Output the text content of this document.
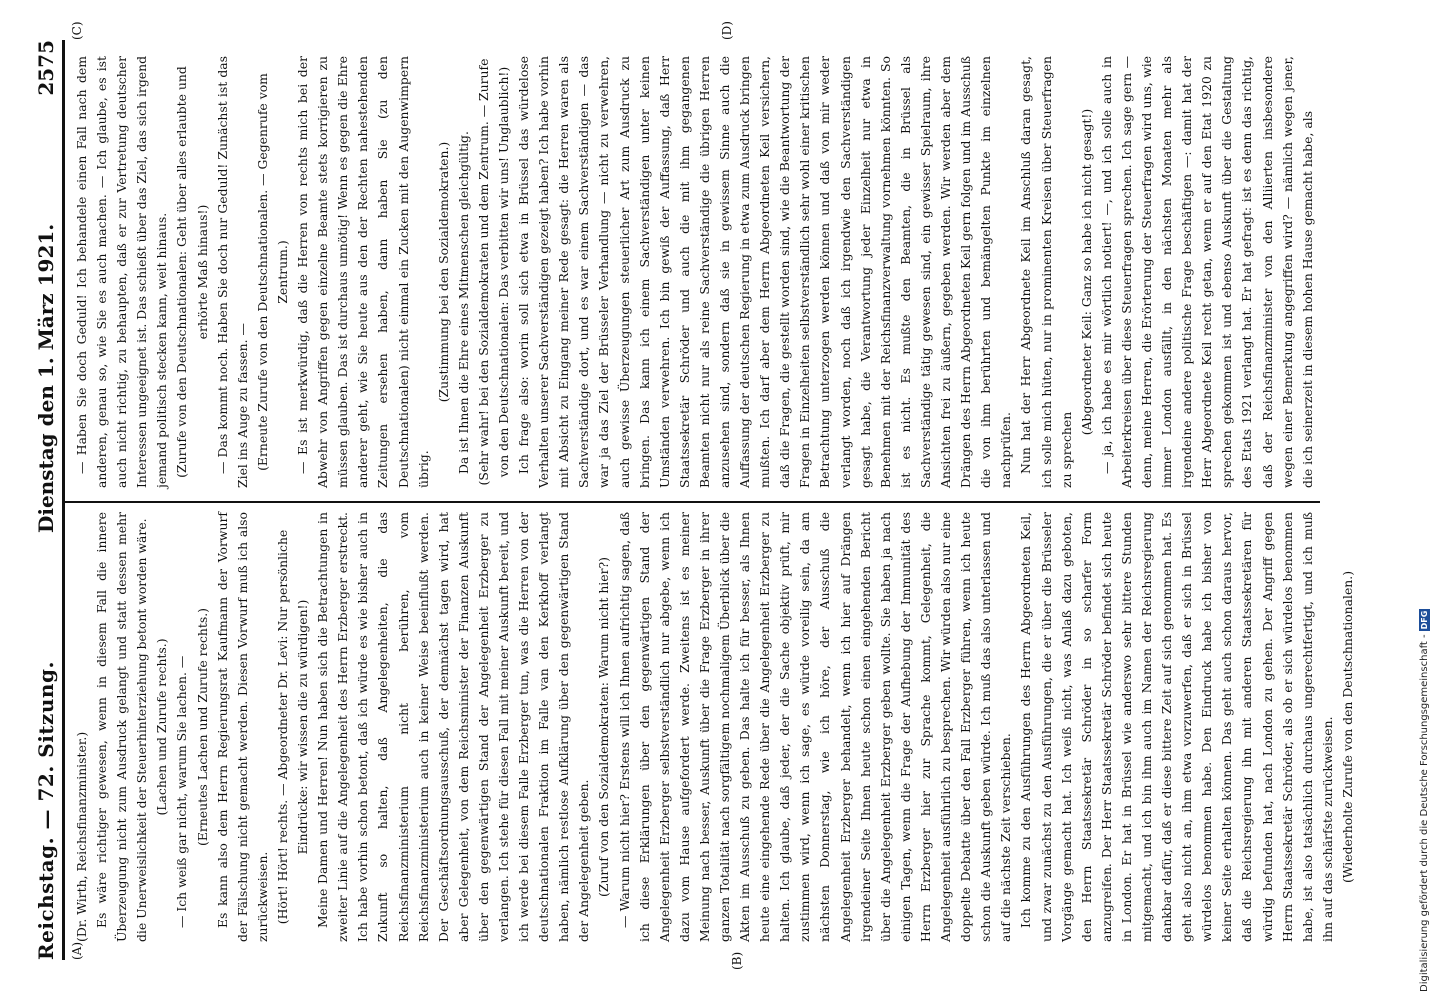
Reichstag. — 72. Sitzung.
Dienstag den 1. März 1921.
2575
(A)
(B)
(C)	(D)

(Dr. Wirth, Reichsfinanzminister.) Es wäre richtiger gewesen, wenn in diesem Fall die innere Überzeugung nicht zum Ausdruck gelangt und statt dessen mehr die Unerweislichkeit der Steuerhinterziehung betont worden wäre. (Lachen und Zurufe rechts.) — Ich weiß gar nicht, warum Sie lachen. — (Erneutes Lachen und Zurufe rechts.) Es kann also dem Herrn Regierungsrat Kaufmann der Vorwurf der Fälschung nicht gemacht werden. Diesen Vorwurf muß ich also zurückweisen. (Hört! Hört! rechts. — Abgeordneter Dr. Levi: Nur persönliche Eindrücke: wir wissen die zu würdigen!) Meine Damen und Herren! Nun haben sich die Betrachtungen in zweiter Linie auf die Angelegenheit des Herrn Erzberger erstreckt. Ich habe vorhin schon betont, daß ich würde es wie bisher auch in Zukunft so halten, daß Angelegenheiten, die das Reichsfinanzministerium nicht berühren, vom Reichsfinanzministerium auch in keiner Weise beeinflußt werden. Der Geschäftsordnungsausschuß, der demnächst tagen wird, hat aber Gelegenheit, von dem Reichsminister der Finanzen Auskunft über den gegenwärtigen Stand der Angelegenheit Erzberger zu verlangen. Ich stehe für diesen Fall mit meiner Auskunft bereit, und ich werde bei diesem Falle Erzberger tun, was die Herren von der deutschnationalen Fraktion im Falle van den Kerkhoff verlangt haben, nämlich restlose Aufklärung über den gegenwärtigen Stand der Angelegenheit geben. (Zuruf von den Sozialdemokraten: Warum nicht hier?) — Warum nicht hier? Erstens will ich Ihnen aufrichtig sagen, daß ich diese Erklärungen über den gegenwärtigen Stand der Angelegenheit Erzberger selbstverständlich nur abgebe, wenn ich dazu vom Hause aufgefordert werde. Zweitens ist es meiner Meinung nach besser, Auskunft über die Frage Erzberger in ihrer ganzen Totalität nach sorgfältigem nochmaligem Überblick über die Akten im Ausschuß zu geben. Das halte ich für besser, als Ihnen heute eine eingehende Rede über die Angelegenheit Erzberger zu halten. Ich glaube, daß jeder, der die Sache objektiv prüft, mir zustimmen wird, wenn ich sage, es würde voreilig sein, da am nächsten Donnerstag, wie ich höre, der Ausschuß die Angelegenheit Erzberger behandelt, wenn ich hier auf Drängen irgendeiner Seite Ihnen heute schon einen eingehenden Bericht über die Angelegenheit Erzberger geben wollte. Sie haben ja nach einigen Tagen, wenn die Frage der Aufhebung der Immunität des Herrn Erzberger hier zur Sprache kommt, Gelegenheit, die Angelegenheit ausführlich zu besprechen. Wir würden also nur eine doppelte Debatte über den Fall Erzberger führen, wenn ich heute schon die Auskunft geben würde. Ich muß das also unterlassen und auf die nächste Zeit verschieben. Ich komme zu den Ausführungen des Herrn Abgeordneten Keil, und zwar zunächst zu den Ausführungen, die er über die Brüsseler Vorgänge gemacht hat. Ich weiß nicht, was Anlaß dazu geboten, den Herrn Staatssekretär Schröder in so scharfer Form anzugreifen. Der Herr Staatssekretär Schröder befindet sich heute in London. Er hat in Brüssel wie anderswo sehr bittere Stunden mitgemacht, und ich bin ihm auch im Namen der Reichsregierung dankbar dafür, daß er diese bittere Zeit auf sich genommen hat. Es geht also nicht an, ihm etwa vorzuwerfen, daß er sich in Brüssel würdelos benommen habe. Den Eindruck habe ich bisher von keiner Seite erhalten können. Das geht auch schon daraus hervor, daß die Reichsregierung ihn mit anderen Staatssekretären für würdig befunden hat, nach London zu gehen. Der Angriff gegen Herrn Staatssekretär Schröder, als ob er sich würdelos benommen habe, ist also tatsächlich durchaus ungerechtfertigt, und ich muß ihn auf das schärfste zurückweisen. (Wiederholte Zurufe von den Deutschnationalen.)

— Haben Sie doch Geduld! Ich behandele einen Fall nach dem anderen, genau so, wie Sie es auch machen. — Ich glaube, es ist auch nicht richtig, zu behaupten, daß er zur Vertretung deutscher Interessen ungeeignet ist. Das schießt über das Ziel, das sich irgend jemand politisch stecken kann, weit hinaus. (Zurufe von den Deutschnationalen: Geht über alles erlaubte und erhörte Maß hinaus!) — Das kommt noch. Haben Sie doch nur Geduld! Zunächst ist das Ziel ins Auge zu fassen. — (Erneute Zurufe von den Deutschnationalen. — Gegenrufe vom Zentrum.) — Es ist merkwürdig, daß die Herren von rechts mich bei der Abwehr von Angriffen gegen einzelne Beamte stets korrigieren zu müssen glauben. Das ist durchaus unnötig! Wenn es gegen die Ehre anderer geht, wie Sie heute aus den der Rechten nahestehenden Zeitungen ersehen haben, dann haben Sie (zu den Deutschnationalen) nicht einmal ein Zucken mit den Augenwimpern übrig.

(Zustimmung bei den Sozialdemokraten.) Da ist Ihnen die Ehre eines Mitmenschen gleichgültig. (Sehr wahr! bei den Sozialdemokraten und dem Zentrum. — Zurufe von den Deutschnationalen: Das verbitten wir uns! Unglaublich!) Ich frage also: worin soll sich etwa in Brüssel das würdelose Verhalten unserer Sachverständigen gezeigt haben? Ich habe vorhin mit Absicht zu Eingang meiner Rede gesagt: die Herren waren als Sachverständige dort, und es war einem Sachverständigen — das war ja das Ziel der Brüsseler Verhandlung — nicht zu verwehren, auch gewisse Überzeugungen steuerlicher Art zum Ausdruck zu bringen. Das kann ich einem Sachverständigen unter keinen Umständen verwehren. Ich bin gewiß der Auffassung, daß Herr Staatssekretär Schröder und auch die mit ihm gegangenen Beamten nicht nur als reine Sachverständige die übrigen Herren anzusehen sind, sondern daß sie in gewissem Sinne auch die Auffassung der deutschen Regierung in etwa zum Ausdruck bringen mußten. Ich darf aber dem Herrn Abgeordneten Keil versichern, daß die Fragen, die gestellt worden sind, wie die Beantwortung der Fragen in Einzelheiten selbstverständlich sehr wohl einer kritischen Betrachtung unterzogen werden können und daß von mir weder verlangt worden, noch daß ich irgendwie den Sachverständigen gesagt habe, die Verantwortung jeder Einzelheit nur etwa in Benehmen mit der Reichsfinanzverwaltung vornehmen könnten. So ist es nicht. Es mußte den Beamten, die in Brüssel als Sachverständige tätig gewesen sind, ein gewisser Spielraum, ihre Ansichten frei zu äußern, gegeben werden. Wir werden aber dem Drängen des Herrn Abgeordneten Keil gern folgen und im Ausschuß die von ihm berührten und bemängelten Punkte im einzelnen nachprüfen. Nun hat der Herr Abgeordnete Keil im Anschluß daran gesagt, ich solle mich hüten, nur in prominenten Kreisen über Steuerfragen zu sprechen

(Abgeordneter Keil: Ganz so habe ich nicht gesagt!) — ja, ich habe es mir wörtlich notiert! —, und ich solle auch in Arbeiterkreisen über diese Steuerfragen sprechen. Ich sage gern — denn, meine Herren, die Erörterung der Steuerfragen wird uns, wie immer London ausfällt, in den nächsten Monaten mehr als irgendeine andere politische Frage beschäftigen —: damit hat der Herr Abgeordnete Keil recht getan, wenn er auf den Etat 1920 zu sprechen gekommen ist und ebenso Auskunft über die Gestaltung des Etats 1921 verlangt hat. Er hat gefragt: ist es denn das richtig, daß der Reichsfinanzminister von den Alliierten insbesondere wegen einer Bemerkung angegriffen wird? — nämlich wegen jener, die ich seinerzeit in diesem hohen Hause gemacht habe, als

Digitalisierung gefördert durch die Deutsche Forschungsgemeinschaft -DFG
